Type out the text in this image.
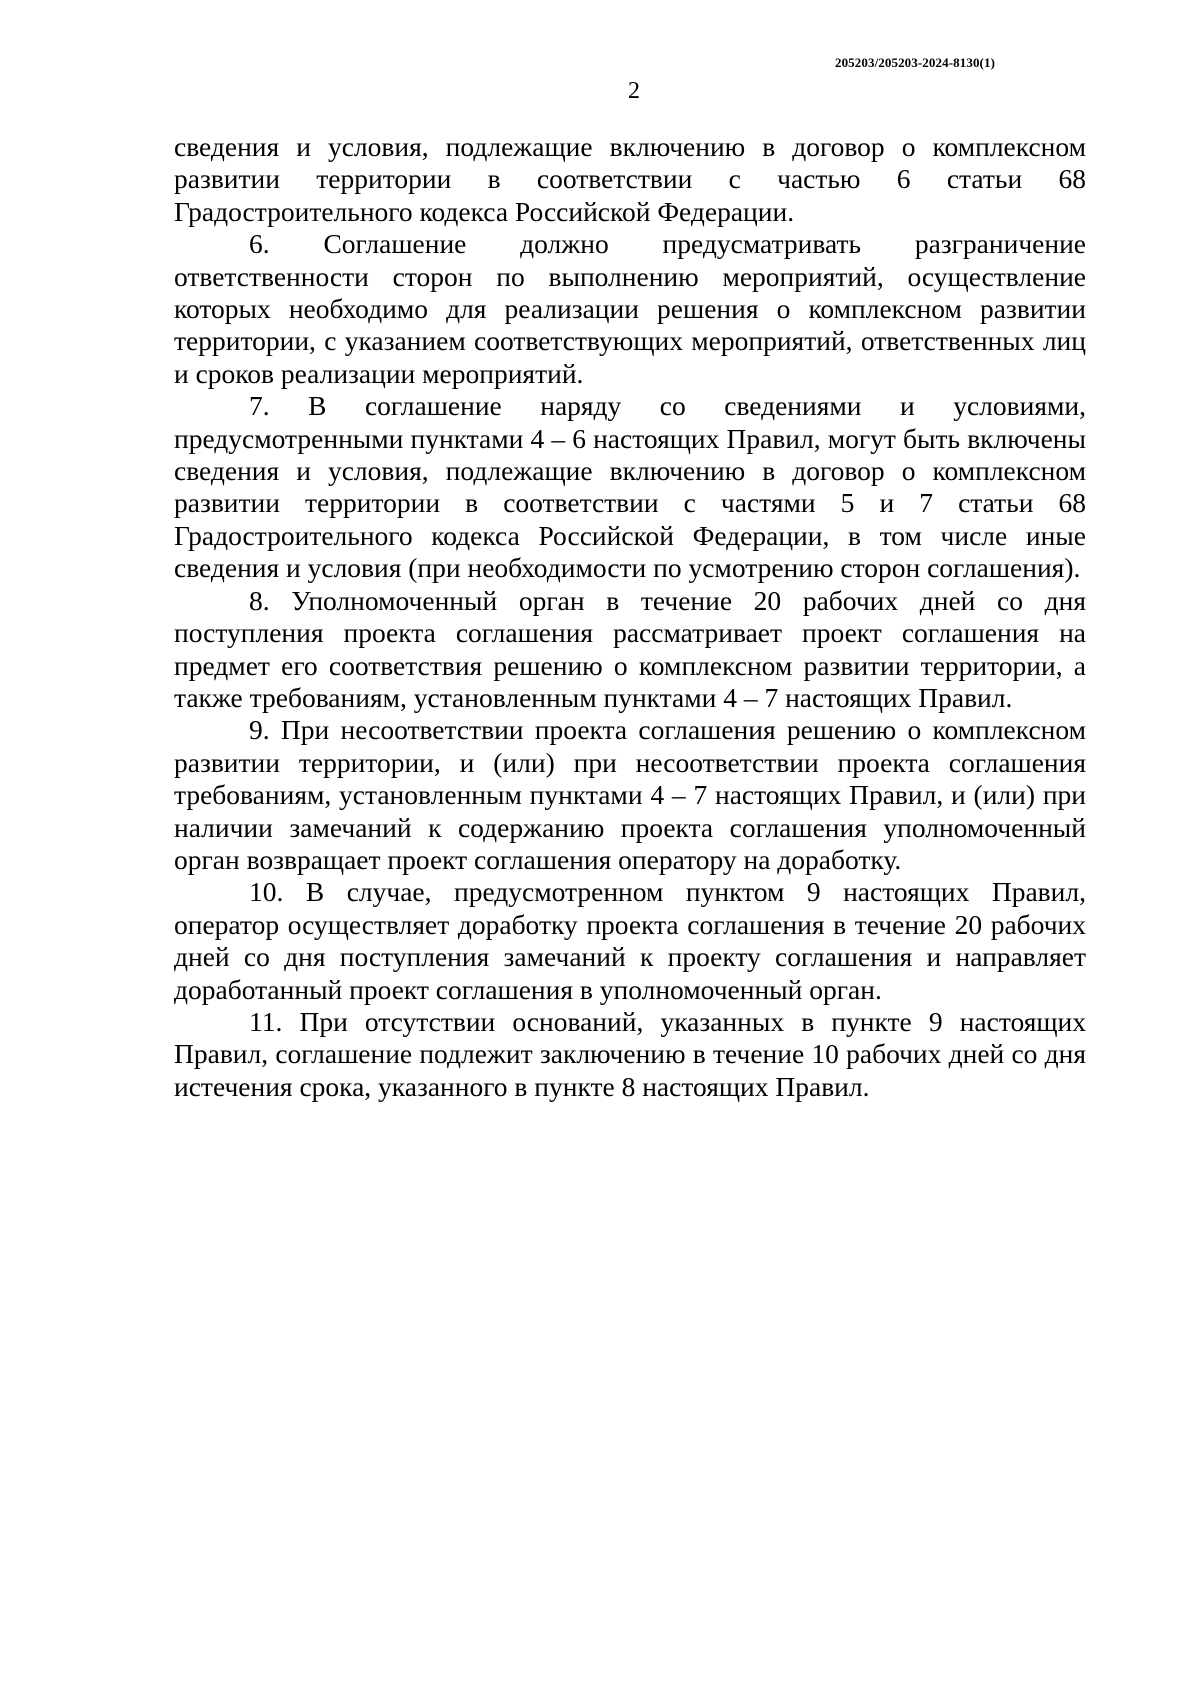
205203/205203-2024-8130(1)
2

сведения и условия, подлежащие включению в договор о комплексном развитии территории в соответствии с частью 6 статьи 68 Градостроительного кодекса Российской Федерации.

6. Соглашение должно предусматривать разграничение ответственности сторон по выполнению мероприятий, осуществление которых необходимо для реализации решения о комплексном развитии территории, с указанием соответствующих мероприятий, ответственных лиц и сроков реализации мероприятий.

7. В соглашение наряду со сведениями и условиями, предусмотренными пунктами 4 – 6 настоящих Правил, могут быть включены сведения и условия, подлежащие включению в договор о комплексном развитии территории в соответствии с частями 5 и 7 статьи 68 Градостроительного кодекса Российской Федерации, в том числе иные сведения и условия (при необходимости по усмотрению сторон соглашения).

8. Уполномоченный орган в течение 20 рабочих дней со дня поступления проекта соглашения рассматривает проект соглашения на предмет его соответствия решению о комплексном развитии территории, а также требованиям, установленным пунктами 4 – 7 настоящих Правил.

9. При несоответствии проекта соглашения решению о комплексном развитии территории, и (или) при несоответствии проекта соглашения требованиям, установленным пунктами 4 – 7 настоящих Правил, и (или) при наличии замечаний к содержанию проекта соглашения уполномоченный орган возвращает проект соглашения оператору на доработку.

10. В случае, предусмотренном пунктом 9 настоящих Правил, оператор осуществляет доработку проекта соглашения в течение 20 рабочих дней со дня поступления замечаний к проекту соглашения и направляет доработанный проект соглашения в уполномоченный орган.

11. При отсутствии оснований, указанных в пункте 9 настоящих Правил, соглашение подлежит заключению в течение 10 рабочих дней со дня истечения срока, указанного в пункте 8 настоящих Правил.
